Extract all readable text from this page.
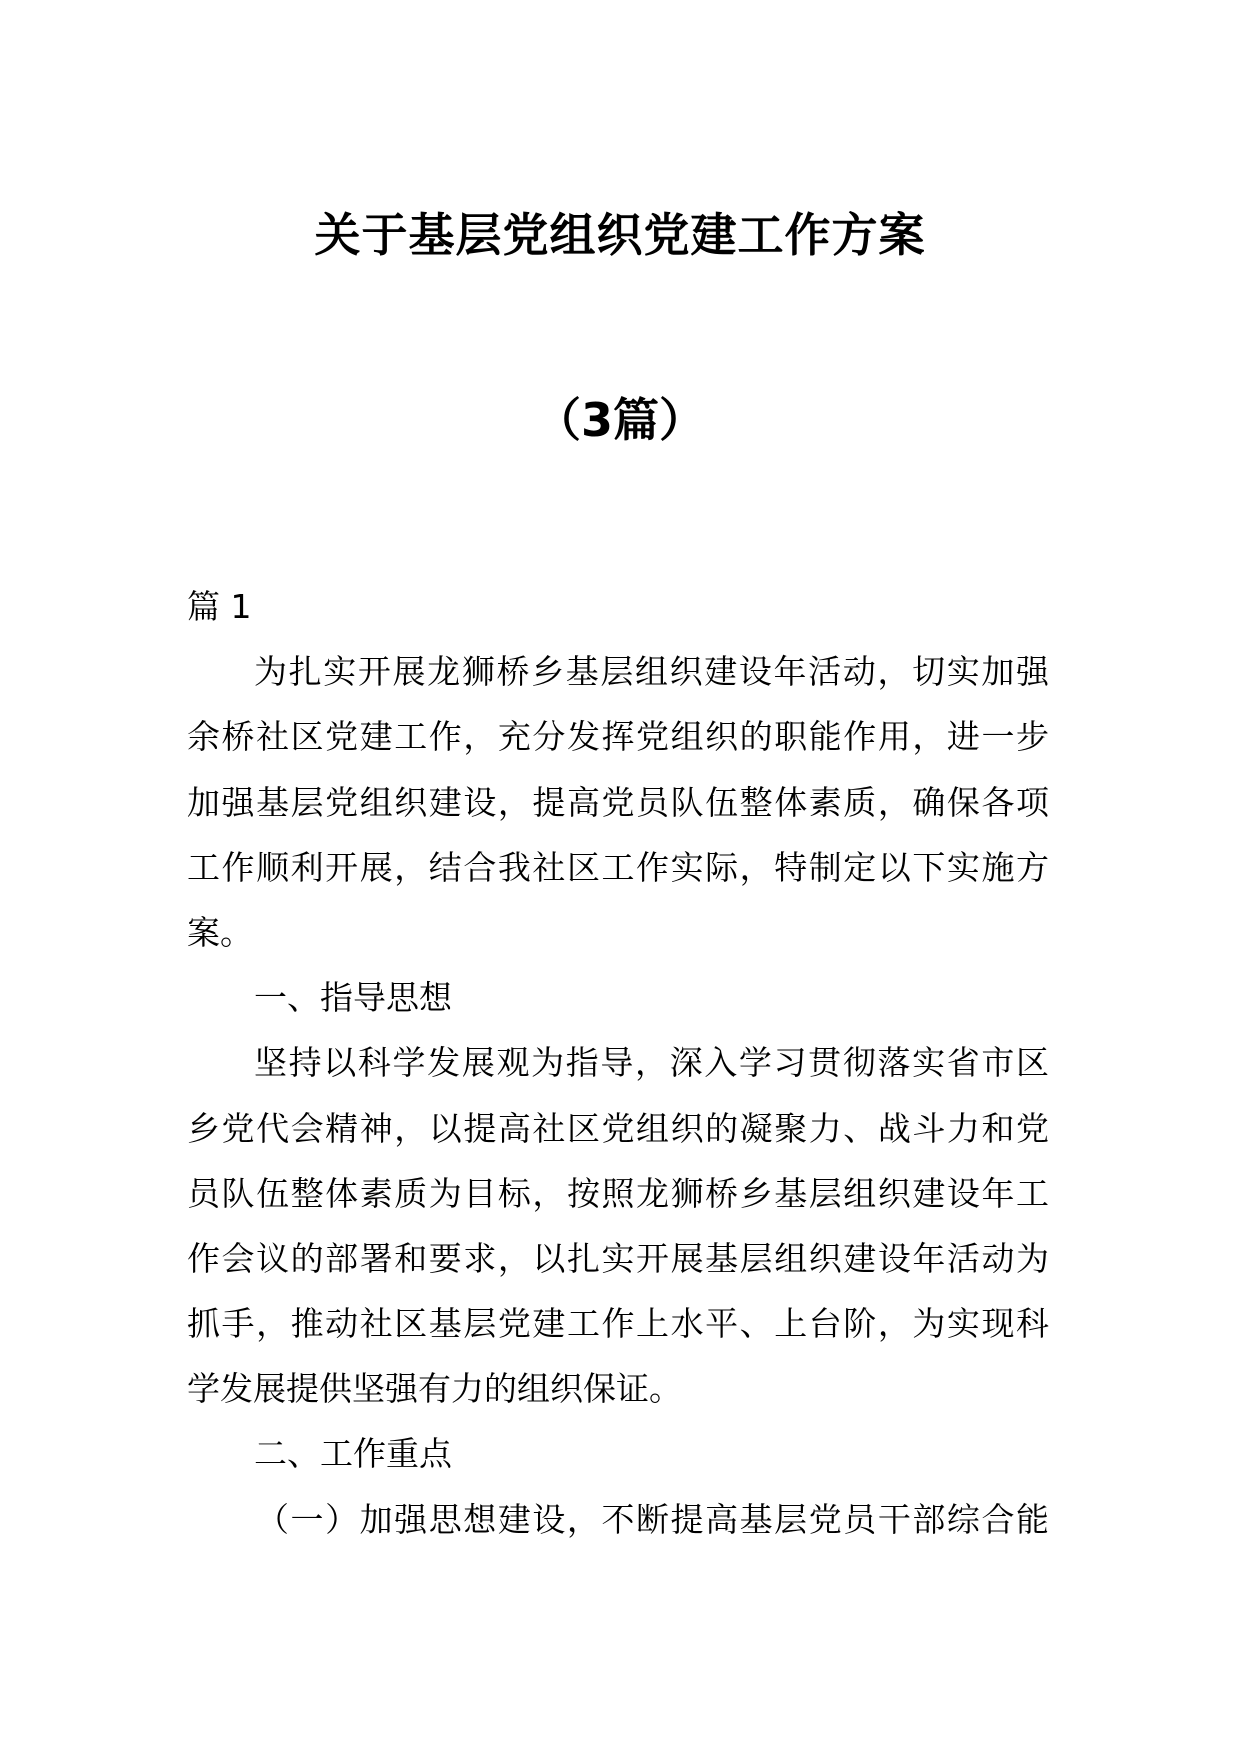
关于基层党组织党建工作方案
（3篇）
篇 1
为扎实开展龙狮桥乡基层组织建设年活动，切实加强
余桥社区党建工作，充分发挥党组织的职能作用，进一步
加强基层党组织建设，提高党员队伍整体素质，确保各项
工作顺利开展，结合我社区工作实际，特制定以下实施方
案。
一、指导思想
坚持以科学发展观为指导，深入学习贯彻落实省市区
乡党代会精神，以提高社区党组织的凝聚力、战斗力和党
员队伍整体素质为目标，按照龙狮桥乡基层组织建设年工
作会议的部署和要求，以扎实开展基层组织建设年活动为
抓手，推动社区基层党建工作上水平、上台阶，为实现科
学发展提供坚强有力的组织保证。
二、工作重点
（一）加强思想建设，不断提高基层党员干部综合能
